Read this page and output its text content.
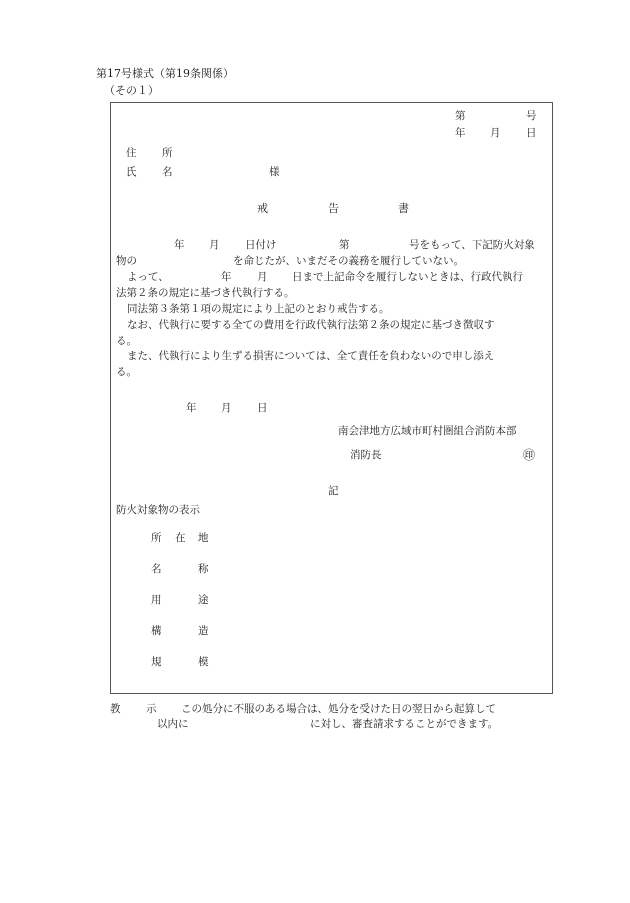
第17号様式（第19条関係）
（その１）
第	号
年 月 日
住 所
氏 名	様
戒	告	書
年 月 日付け	第	号をもって、下記防火対象
物の	を命じたが、いまだその義務を履行していない。
よって、	年 月 日まで上記命令を履行しないときは、行政代執行
法第２条の規定に基づき代執行する。
同法第３条第１項の規定により上記のとおり戒告する。
なお、代執行に要する全ての費用を行政代執行法第２条の規定に基づき徴収す
る。
また、代執行により生ずる損害については、全て責任を負わないので申し添え
る。
年 月 日
南会津地方広域市町村圏組合消防本部
消防長	㊞
記
防火対象物の表示
所 在 地
名	称
用	途
構	造
規	模
教 示 この処分に不服のある場合は、処分を受けた日の翌日から起算して
以内に	に対し、審査請求することができます。
